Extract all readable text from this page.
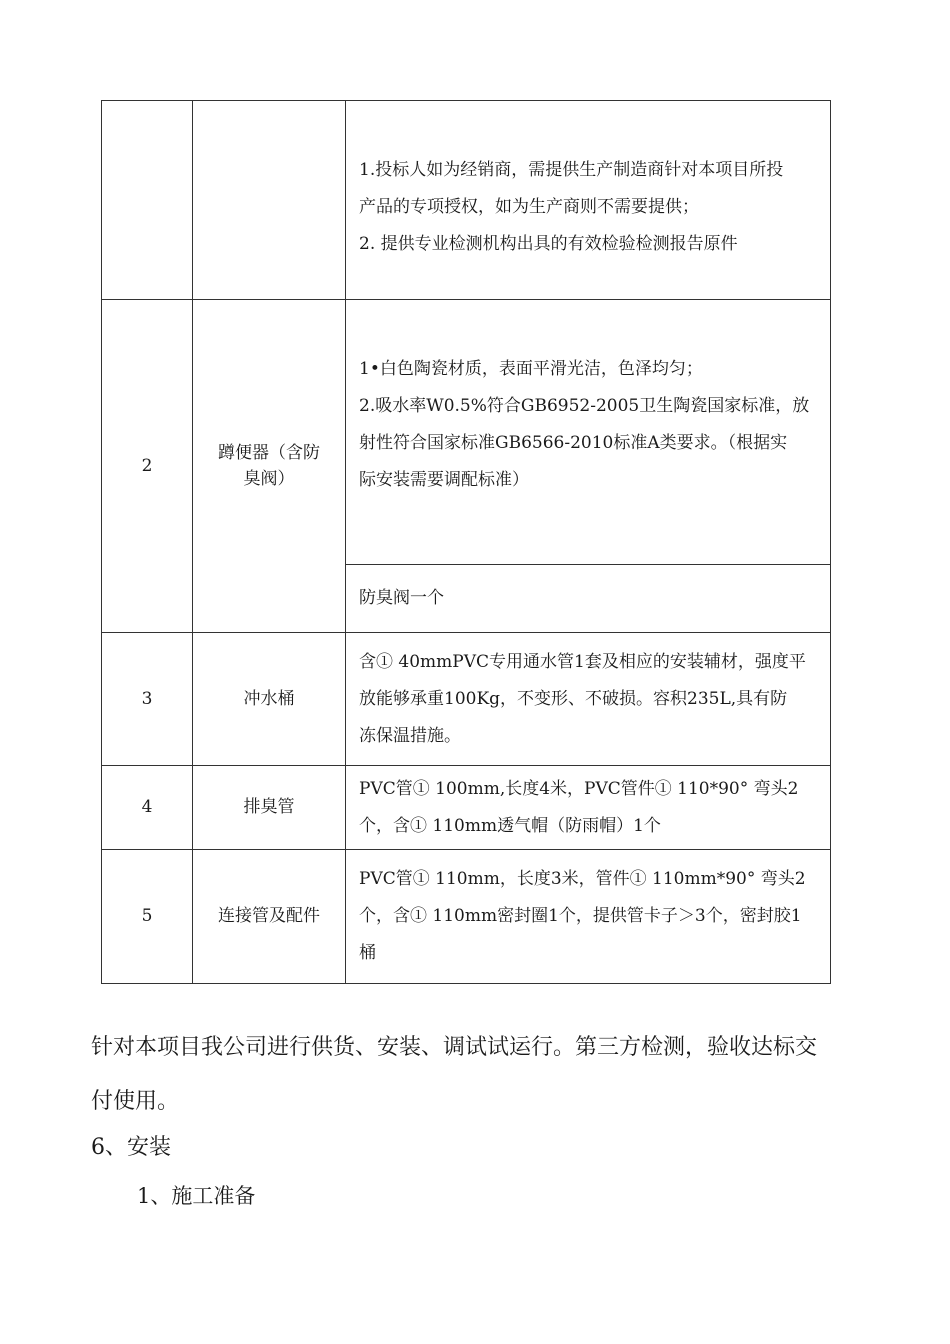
		1.投标人如为经销商，需提供生产制造商针对本项目所投
产品的专项授权，如为生产商则不需要提供；
2. 提供专业检测机构出具的有效检验检测报告原件

2	蹲便器（含防
臭阀）	1•白色陶瓷材质，表面平滑光洁，色泽均匀；
2.吸水率W0.5%符合GB6952-2005卫生陶瓷国家标准，放
射性符合国家标准GB6566-2010标准A类要求。（根据实
际安装需要调配标准）

		防臭阀一个

3	冲水桶	含① 40mmPVC专用通水管1套及相应的安装辅材，强度平
放能够承重100Kg，不变形、不破损。容积235L,具有防
冻保温措施。

4	排臭管	PVC管① 100mm,长度4米，PVC管件① 110*90° 弯头2
个，含① 110mm透气帽（防雨帽）1个

5	连接管及配件	PVC管① 110mm，长度3米，管件① 110mm*90° 弯头2
个，含① 110mm密封圈1个，提供管卡子＞3个，密封胶1
桶
针对本项目我公司进行供货、安装、调试试运行。第三方检测，验收达标交
付使用。
6、安装
1、施工准备
